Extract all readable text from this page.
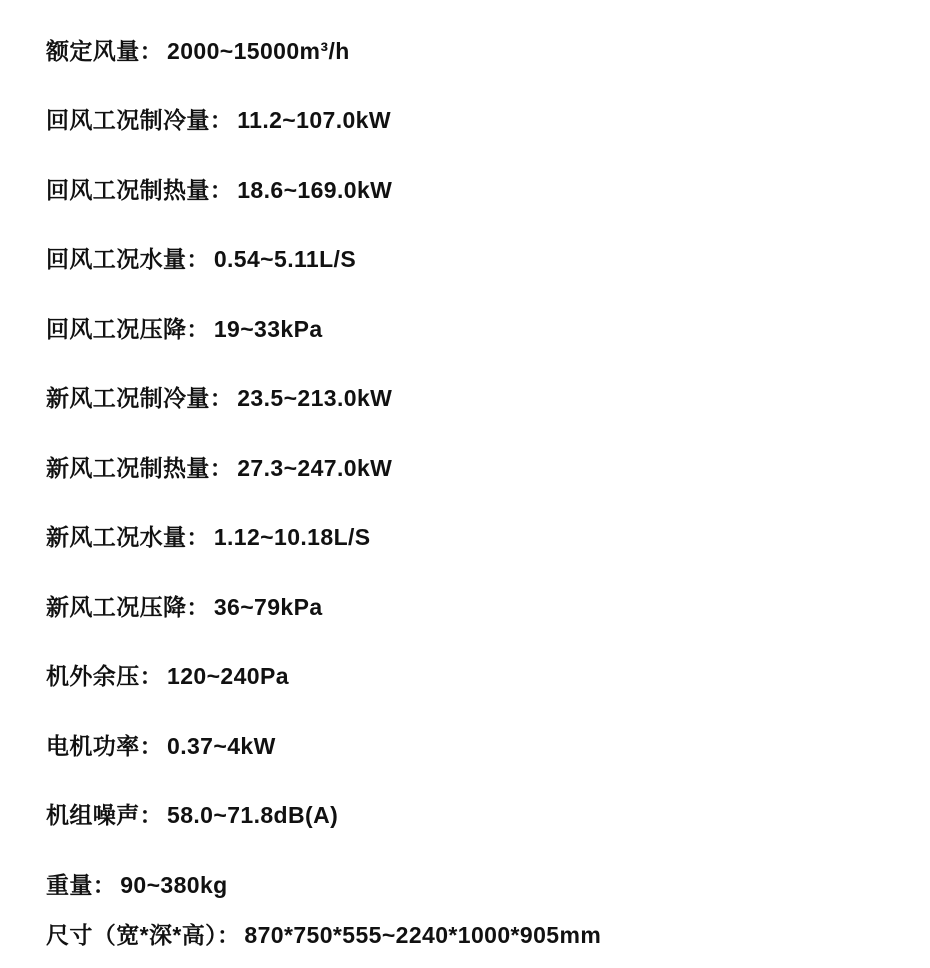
额定风量： 2000~15000m³/h
回风工况制冷量： 11.2~107.0kW
回风工况制热量： 18.6~169.0kW
回风工况水量： 0.54~5.11L/S
回风工况压降： 19~33kPa
新风工况制冷量： 23.5~213.0kW
新风工况制热量： 27.3~247.0kW
新风工况水量： 1.12~10.18L/S
新风工况压降： 36~79kPa
机外余压： 120~240Pa
电机功率： 0.37~4kW
机组噪声： 58.0~71.8dB(A)
重量： 90~380kg
尺寸（宽*深*高）： 870*750*555~2240*1000*905mm
